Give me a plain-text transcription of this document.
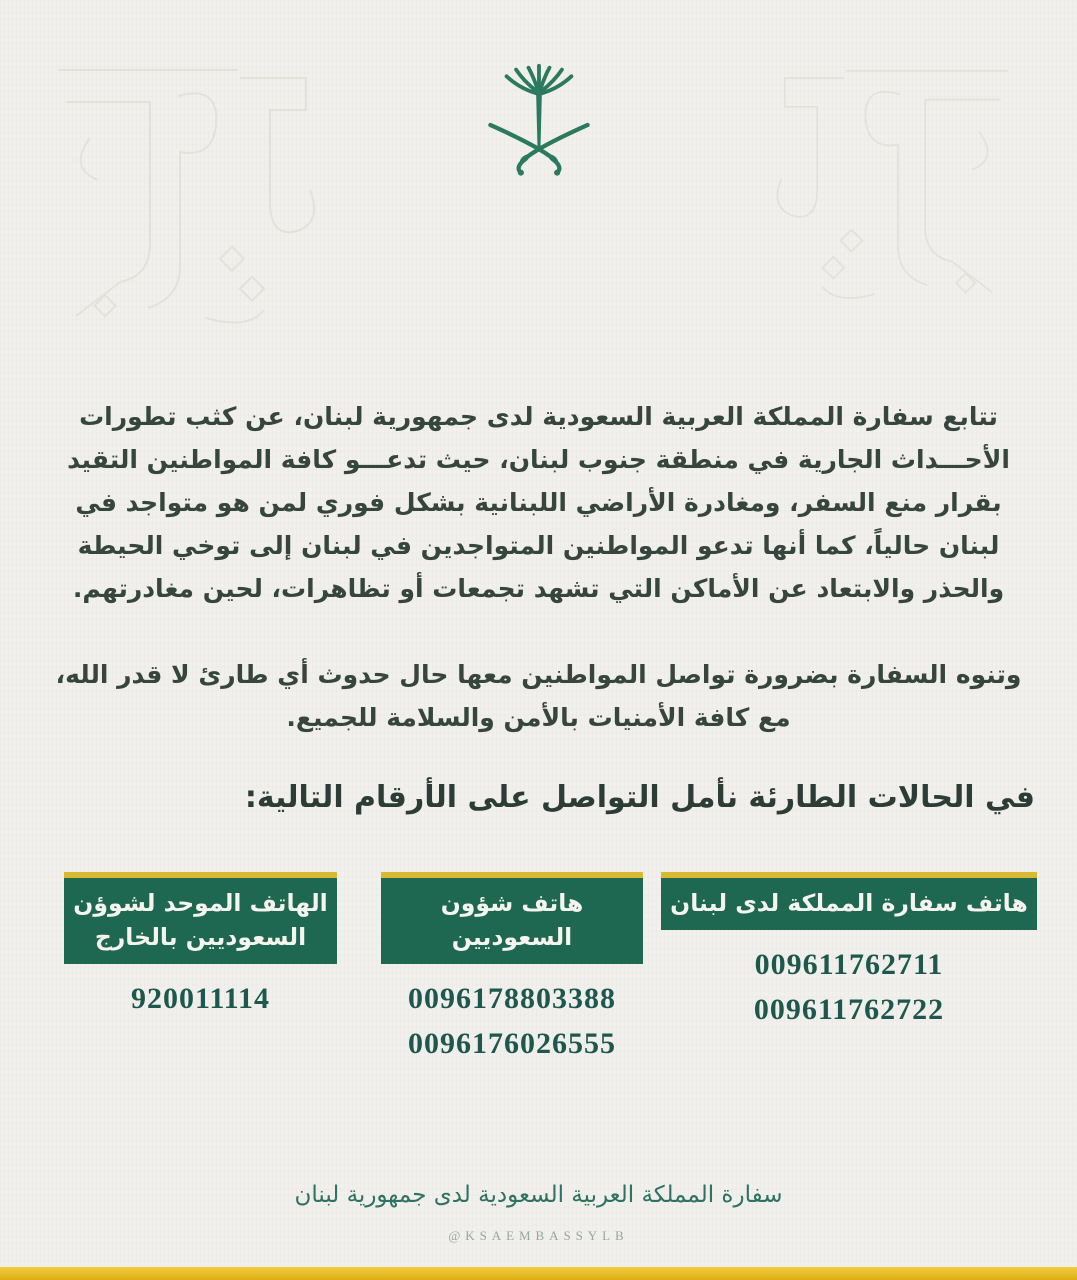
تتابع سفارة المملكة العربية السعودية لدى جمهورية لبنان، عن كثب تطورات الأحـــداث الجارية في منطقة جنوب لبنان، حيث تدعـــو كافة المواطنين التقيد بقرار منع السفر، ومغادرة الأراضي اللبنانية بشكل فوري لمن هو متواجد في لبنان حالياً، كما أنها تدعو المواطنين المتواجدين في لبنان إلى توخي الحيطة والحذر والابتعاد عن الأماكن التي تشهد تجمعات أو تظاهرات، لحين مغادرتهم.

وتنوه السفارة بضرورة تواصل المواطنين معها حال حدوث أي طارئ لا قدر الله، مع كافة الأمنيات بالأمن والسلامة للجميع.

في الحالات الطارئة نأمل التواصل على الأرقام التالية:
هاتف سفارة المملكة لدى لبنان
009611762711
009611762722
هاتف شؤون السعوديين
0096178803388
0096176026555
الهاتف الموحد لشوؤن
السعوديين بالخارج
920011114
سفارة المملكة العربية السعودية لدى جمهورية لبنان
@KSAEMBASSYLB
